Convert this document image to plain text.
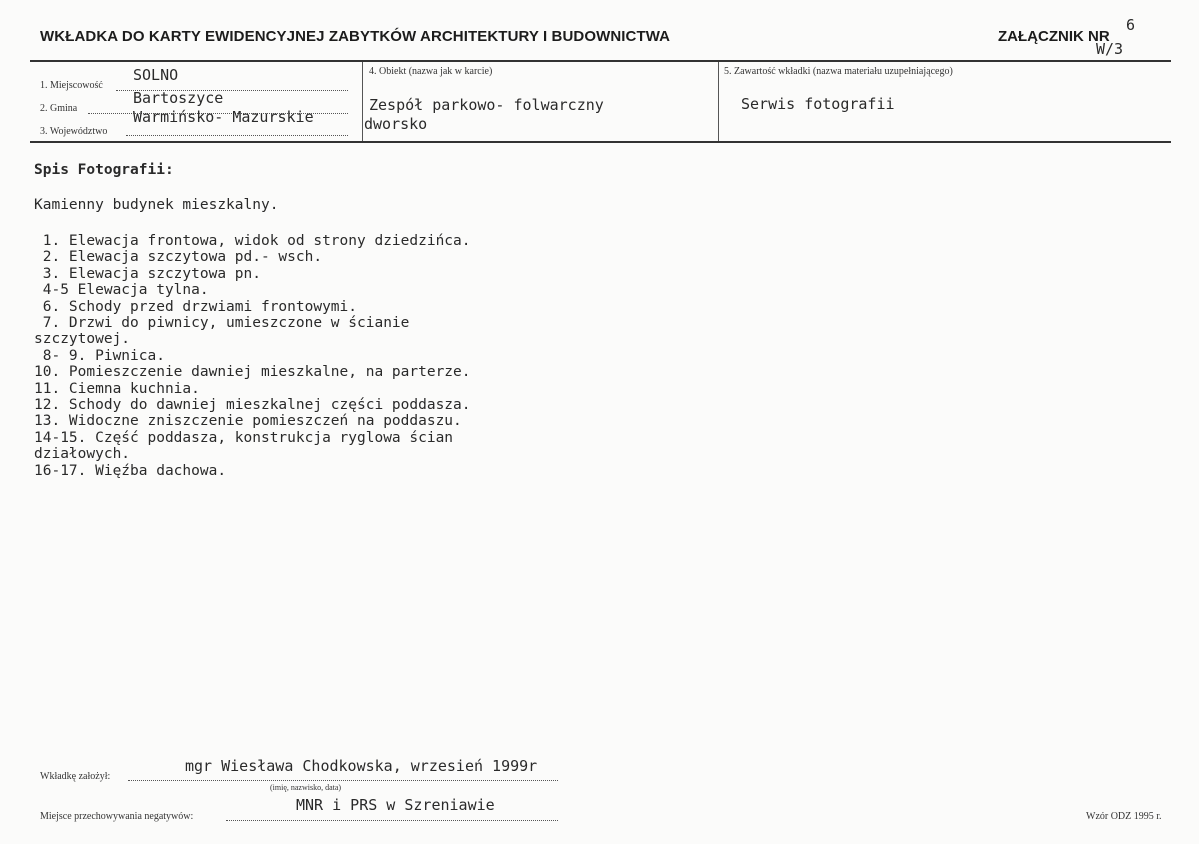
WKŁADKA DO KARTY EWIDENCYJNEJ ZABYTKÓW ARCHITEKTURY I BUDOWNICTWA	ZAŁĄCZNIK NR
6
W/3
1. Miejscowość
SOLNO
2. Gmina
Bartoszyce
3. Województwo
Warmińsko- Mazurskie
4. Obiekt (nazwa jak w karcie)
Zespół parkowo- folwarczny
dworsko
5. Zawartość wkładki (nazwa materiału uzupełniającego)
Serwis fotografii
Spis Fotografii:
Kamienny budynek mieszkalny.
1. Elewacja frontowa, widok od strony dziedzińca.
2. Elewacja szczytowa pd.- wsch.
3. Elewacja szczytowa pn.
4-5 Elewacja tylna.
6. Schody przed drzwiami frontowymi.
7. Drzwi do piwnicy, umieszczone w ścianie
szczytowej.
8- 9. Piwnica.
10. Pomieszczenie dawniej mieszkalne, na parterze.
11. Ciemna kuchnia.
12. Schody do dawniej mieszkalnej części poddasza.
13. Widoczne zniszczenie pomieszczeń na poddaszu.
14-15. Część poddasza, konstrukcja ryglowa ścian
działowych.
16-17. Więźba dachowa.
Wkładkę założył:
mgr Wiesława Chodkowska, wrzesień 1999r
(imię, nazwisko, data)
Miejsce przechowywania negatywów:
MNR i PRS w Szreniawie
Wzór ODZ 1995 r.
